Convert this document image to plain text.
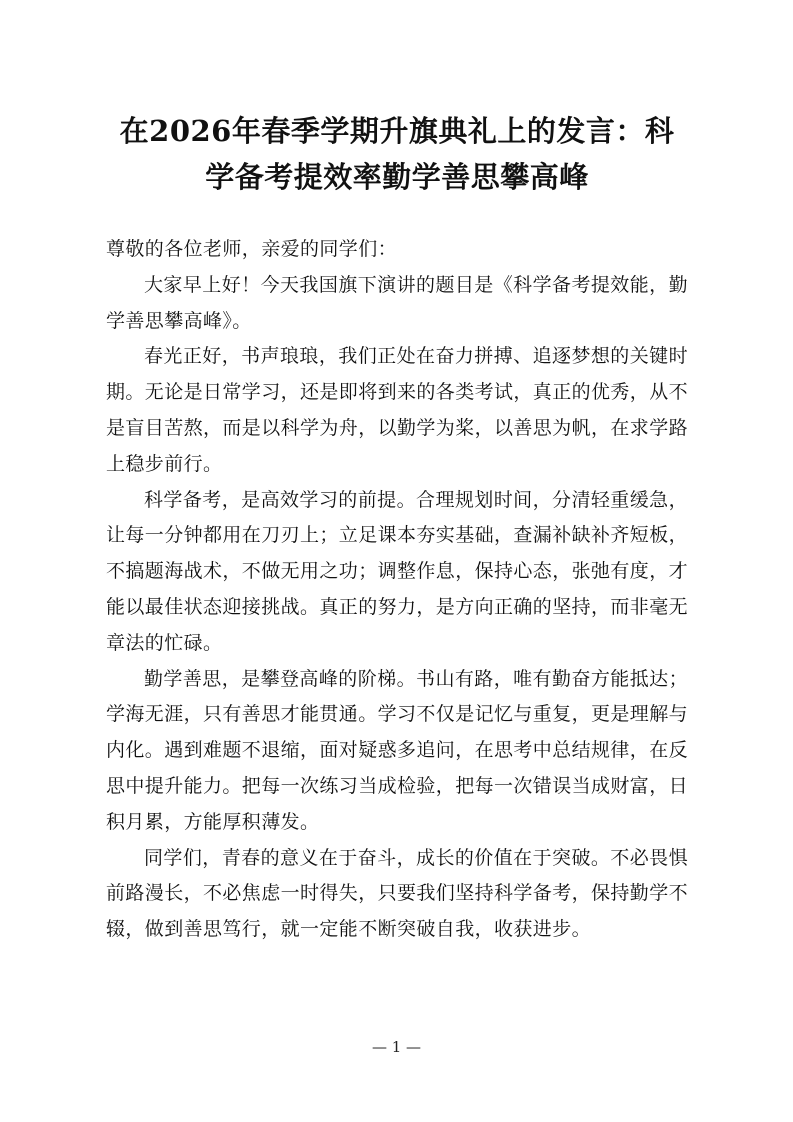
在2026年春季学期升旗典礼上的发言：科学备考提效率勤学善思攀高峰

尊敬的各位老师，亲爱的同学们：

大家早上好！今天我国旗下演讲的题目是《科学备考提效能，勤学善思攀高峰》。

春光正好，书声琅琅，我们正处在奋力拼搏、追逐梦想的关键时期。无论是日常学习，还是即将到来的各类考试，真正的优秀，从不是盲目苦熬，而是以科学为舟，以勤学为桨，以善思为帆，在求学路上稳步前行。

科学备考，是高效学习的前提。合理规划时间，分清轻重缓急，让每一分钟都用在刀刃上；立足课本夯实基础，查漏补缺补齐短板，不搞题海战术，不做无用之功；调整作息，保持心态，张弛有度，才能以最佳状态迎接挑战。真正的努力，是方向正确的坚持，而非毫无章法的忙碌。

勤学善思，是攀登高峰的阶梯。书山有路，唯有勤奋方能抵达；学海无涯，只有善思才能贯通。学习不仅是记忆与重复，更是理解与内化。遇到难题不退缩，面对疑惑多追问，在思考中总结规律，在反思中提升能力。把每一次练习当成检验，把每一次错误当成财富，日积月累，方能厚积薄发。

同学们，青春的意义在于奋斗，成长的价值在于突破。不必畏惧前路漫长，不必焦虑一时得失，只要我们坚持科学备考，保持勤学不辍，做到善思笃行，就一定能不断突破自我，收获进步。

— 1 —
